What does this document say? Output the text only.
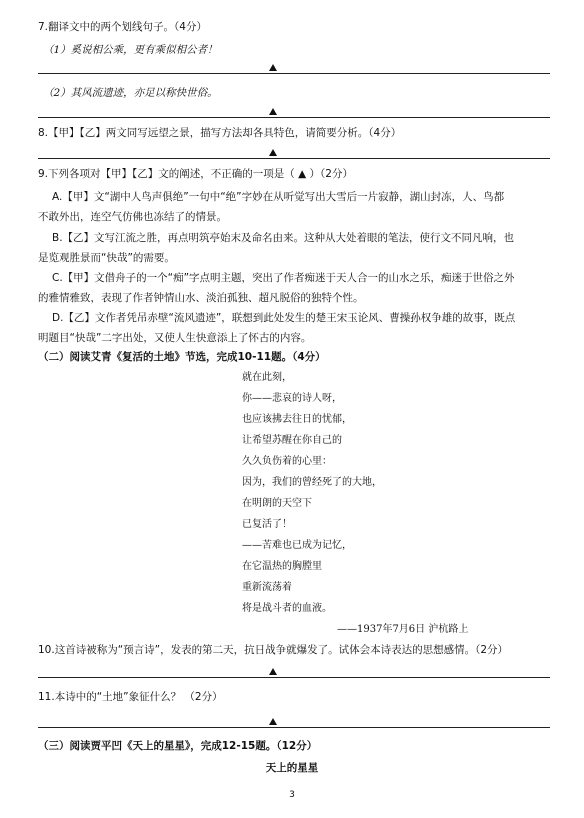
7.翻译文中的两个划线句子。（4分）
（1）奚说相公乘，更有乘似相公者！
（2）其风流遗迹，亦足以称快世俗。
8.【甲】【乙】两文同写远望之景，描写方法却各具特色，请简要分析。（4分）
9.下列各项对【甲】【乙】文的阐述，不正确的一项是（ ▲ ）（2分）
A.【甲】文“湖中人鸟声俱绝”一句中“绝”字妙在从听觉写出大雪后一片寂静，湖山封冻，人、鸟都
不敢外出，连空气仿佛也冻结了的情景。
B.【乙】文写江流之胜，再点明筑亭始末及命名由来。这种从大处着眼的笔法，使行文不同凡响，也
是览观胜景而“快哉”的需要。
C.【甲】文借舟子的一个“痴”字点明主题，突出了作者痴迷于天人合一的山水之乐，痴迷于世俗之外
的雅情雅致，表现了作者钟情山水、淡泊孤独、超凡脱俗的独特个性。
D.【乙】文作者凭吊赤壁“流风遗迹”，联想到此处发生的楚王宋玉论风、曹操孙权争雄的故事，既点
明题目“快哉”二字出处，又使人生快意添上了怀古的内容。
（二）阅读艾青《复活的土地》节选，完成10-11题。（4分）
就在此刻，
你——悲哀的诗人呀，
也应该拂去往日的忧郁，
让希望苏醒在你自己的
久久负伤着的心里：
因为，我们的曾经死了的大地，
在明朗的天空下
已复活了！
——苦难也已成为记忆，
在它温热的胸膛里
重新流荡着
将是战斗者的血液。
——1937年7月6日 沪杭路上
10.这首诗被称为“预言诗”，发表的第二天，抗日战争就爆发了。试体会本诗表达的思想感情。（2分）
11.本诗中的“土地”象征什么？ （2分）
（三）阅读贾平凹《天上的星星》，完成12-15题。（12分）
天上的星星
3
